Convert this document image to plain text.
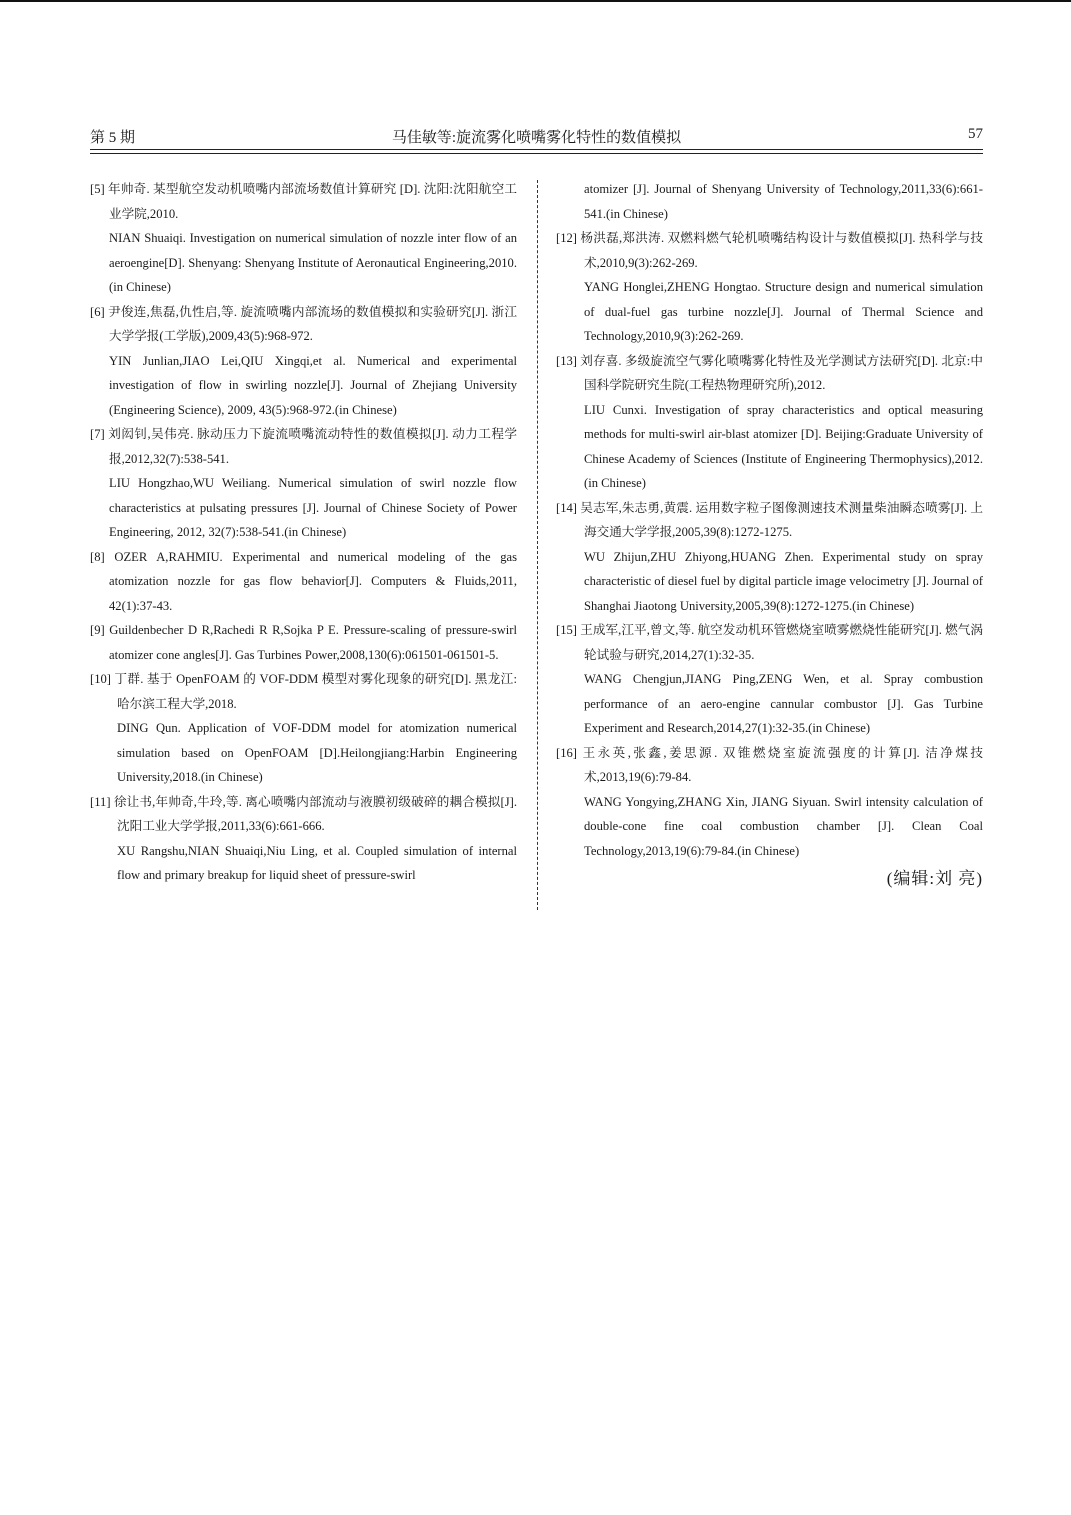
第 5 期	马佳敏等:旋流雾化喷嘴雾化特性的数值模拟	57

[5] 年帅奇. 某型航空发动机喷嘴内部流场数值计算研究 [D]. 沈阳:沈阳航空工业学院,2010.

NIAN Shuaiqi. Investigation on numerical simulation of nozzle inter flow of an aeroengine[D]. Shenyang: Shenyang Institute of Aeronautical Engineering,2010.(in Chinese)

[6] 尹俊连,焦磊,仇性启,等. 旋流喷嘴内部流场的数值模拟和实验研究[J]. 浙江大学学报(工学版),2009,43(5):968-972.

YIN Junlian,JIAO Lei,QIU Xingqi,et al. Numerical and experimental investigation of flow in swirling nozzle[J]. Journal of Zhejiang University (Engineering Science), 2009, 43(5):968-972.(in Chinese)

[7] 刘闳钊,吴伟亮. 脉动压力下旋流喷嘴流动特性的数值模拟[J]. 动力工程学报,2012,32(7):538-541.

LIU Hongzhao,WU Weiliang. Numerical simulation of swirl nozzle flow characteristics at pulsating pressures [J]. Journal of Chinese Society of Power Engineering, 2012, 32(7):538-541.(in Chinese)

[8] OZER A,RAHMIU. Experimental and numerical modeling of the gas atomization nozzle for gas flow behavior[J]. Computers & Fluids,2011, 42(1):37-43.

[9] Guildenbecher D R,Rachedi R R,Sojka P E. Pressure-scaling of pressure-swirl atomizer cone angles[J]. Gas Turbines Power,2008,130(6):061501-061501-5.

[10] 丁群. 基于 OpenFOAM 的 VOF-DDM 模型对雾化现象的研究[D]. 黑龙江:哈尔滨工程大学,2018.

DING Qun. Application of VOF-DDM model for atomization numerical simulation based on OpenFOAM [D].Heilongjiang:Harbin Engineering University,2018.(in Chinese)

[11] 徐让书,年帅奇,牛玲,等. 离心喷嘴内部流动与液膜初级破碎的耦合模拟[J]. 沈阳工业大学学报,2011,33(6):661-666.

XU Rangshu,NIAN Shuaiqi,Niu Ling, et al. Coupled simulation of internal flow and primary breakup for liquid sheet of pressure-swirl

atomizer [J]. Journal of Shenyang University of Technology,2011,33(6):661-541.(in Chinese)

[12] 杨洪磊,郑洪涛. 双燃料燃气轮机喷嘴结构设计与数值模拟[J]. 热科学与技术,2010,9(3):262-269.

YANG Honglei,ZHENG Hongtao. Structure design and numerical simulation of dual-fuel gas turbine nozzle[J]. Journal of Thermal Science and Technology,2010,9(3):262-269.

[13] 刘存喜. 多级旋流空气雾化喷嘴雾化特性及光学测试方法研究[D]. 北京:中国科学院研究生院(工程热物理研究所),2012.

LIU Cunxi. Investigation of spray characteristics and optical measuring methods for multi-swirl air-blast atomizer [D]. Beijing:Graduate University of Chinese Academy of Sciences (Institute of Engineering Thermophysics),2012.(in Chinese)

[14] 吴志军,朱志勇,黄震. 运用数字粒子图像测速技术测量柴油瞬态喷雾[J]. 上海交通大学学报,2005,39(8):1272-1275.

WU Zhijun,ZHU Zhiyong,HUANG Zhen. Experimental study on spray characteristic of diesel fuel by digital particle image velocimetry [J]. Journal of Shanghai Jiaotong University,2005,39(8):1272-1275.(in Chinese)

[15] 王成军,江平,曾文,等. 航空发动机环管燃烧室喷雾燃烧性能研究[J]. 燃气涡轮试验与研究,2014,27(1):32-35.

WANG Chengjun,JIANG Ping,ZENG Wen, et al. Spray combustion performance of an aero-engine cannular combustor [J]. Gas Turbine Experiment and Research,2014,27(1):32-35.(in Chinese)

[16] 王永英,张鑫,姜思源. 双锥燃烧室旋流强度的计算[J]. 洁净煤技术,2013,19(6):79-84.

WANG Yongying,ZHANG Xin, JIANG Siyuan. Swirl intensity calculation of double-cone fine coal combustion chamber [J]. Clean Coal Technology,2013,19(6):79-84.(in Chinese)

(编辑:刘 亮)
